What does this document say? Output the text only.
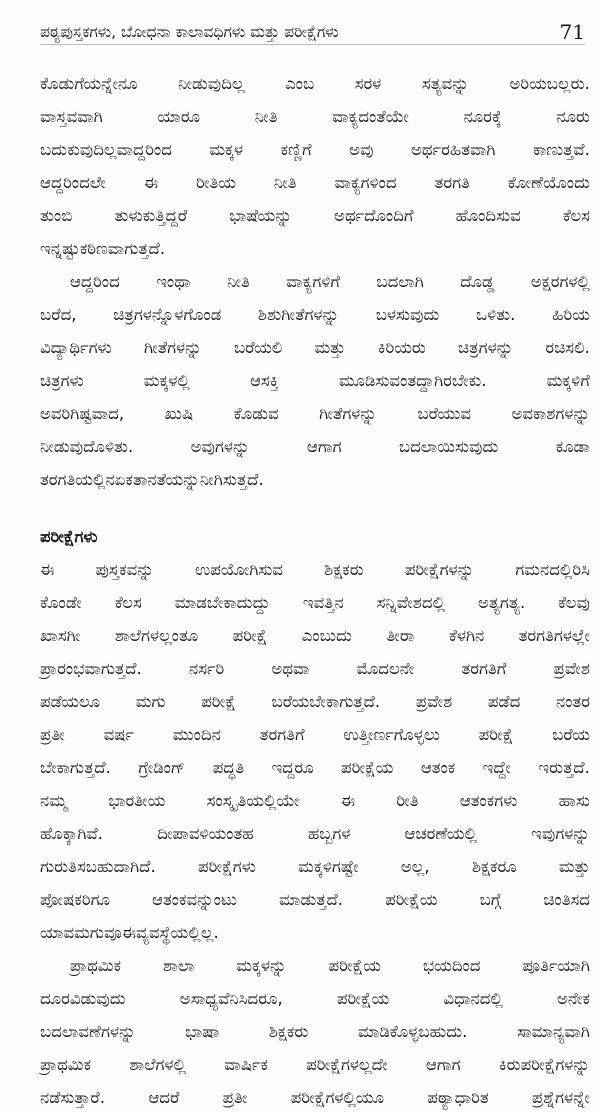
ಪಠ್ಯಪುಸ್ತಕಗಳು, ಬೋಧನಾ ಕಾಲಾವಧಿಗಳು ಮತ್ತು ಪರೀಕ್ಷೆಗಳು	71
ಕೊಡುಗೆಯನ್ನೇನೂ ನೀಡುವುದಿಲ್ಲ ಎಂಬ ಸರಳ ಸತ್ಯವನ್ನು ಅರಿಯಬಲ್ಲರು.
ವಾಸ್ತವವಾಗಿ	ಯಾರೂ	ನೀತಿ	ವಾಕ್ಯದಂತೆಯೇ	ನೂರಕ್ಕೆ	ನೂರು
ಬದುಕುವುದಿಲ್ಲವಾದ್ದರಿಂದ ಮಕ್ಕಳ ಕಣ್ಣಿಗೆ ಅವು ಅರ್ಥರಹಿತವಾಗಿ ಕಾಣುತ್ತವೆ.
ಆದ್ದರಿಂದಲೇ ಈ ರೀತಿಯ ನೀತಿ ವಾಕ್ಯಗಳಿಂದ ತರಗತಿ ಕೋಣೆಯೊಂದು
ತುಂಬಿ	ತುಳುಕುತ್ತಿದ್ದರೆ	ಭಾಷೆಯನ್ನು	ಅರ್ಥದೊಂದಿಗೆ	ಹೊಂದಿಸುವ	ಕೆಲಸ
ಇನ್ನಷ್ಟು ಕಠಿಣವಾಗುತ್ತದೆ.
ಆದ್ದರಿಂದ ಇಂಥಾ ನೀತಿ ವಾಕ್ಯಗಳಿಗೆ ಬದಲಾಗಿ ದೊಡ್ಡ ಅಕ್ಷರಗಳಲ್ಲಿ
ಬರೆದ, ಚಿತ್ರಗಳನ್ನೊಳಗೊಂಡ ಶಿಶುಗೀತೆಗಳನ್ನು ಬಳಸುವುದು ಒಳಿತು. ಹಿರಿಯ
ವಿದ್ಯಾರ್ಥಿಗಳು ಗೀತೆಗಳನ್ನು ಬರೆಯಲಿ ಮತ್ತು ಕಿರಿಯರು ಚಿತ್ರಗಳನ್ನು ರಚಿಸಲಿ.
ಚಿತ್ರಗಳು	ಮಕ್ಕಳಲ್ಲಿ	ಆಸಕ್ತಿ	ಮೂಡಿಸುವಂತದ್ದಾಗಿರಬೇಕು.	ಮಕ್ಕಳಿಗೆ
ಅವರಿಗಿಷ್ಟವಾದ, ಖುಷಿ ಕೊಡುವ ಗೀತೆಗಳನ್ನು ಬರೆಯುವ ಅವಕಾಶಗಳನ್ನು
ನೀಡುವುದೊಳಿತು.	ಅವುಗಳನ್ನು	ಆಗಾಗ	ಬದಲಾಯಿಸುವುದು	ಕೂಡಾ
ತರಗತಿಯಲ್ಲಿನ ಏಕತಾನತೆಯನ್ನು ನೀಗಿಸುತ್ತದೆ.
ಪರೀಕ್ಷೆಗಳು
ಈ	ಪುಸ್ತಕವನ್ನು	ಉಪಯೋಗಿಸುವ	ಶಿಕ್ಷಕರು	ಪರೀಕ್ಷೆಗಳನ್ನು	ಗಮನದಲ್ಲಿರಿಸಿ
ಕೊಂಡೇ ಕೆಲಸ ಮಾಡಬೇಕಾದುದ್ದು ಇವತ್ತಿನ ಸನ್ನಿವೇಶದಲ್ಲಿ ಅತ್ಯಗತ್ಯ. ಕೆಲವು
ಖಾಸಗೀ ಶಾಲೆಗಳಲ್ಲಂತೂ ಪರೀಕ್ಷೆ ಎಂಬುದು ತೀರಾ ಕೆಳಗಿನ ತರಗತಿಗಳಲ್ಲೇ
ಪ್ರಾರಂಭವಾಗುತ್ತದೆ.	ನರ್ಸರಿ	ಅಥವಾ	ಮೊದಲನೇ	ತರಗತಿಗೆ	ಪ್ರವೇಶ
ಪಡೆಯಲೂ ಮಗು ಪರೀಕ್ಷೆ ಬರೆಯಬೇಕಾಗುತ್ತದೆ. ಪ್ರವೇಶ ಪಡೆದ ನಂತರ
ಪ್ರತೀ ವರ್ಷ ಮುಂದಿನ ತರಗತಿಗೆ ಉತ್ತೀರ್ಣಗೊಳ್ಳಲು ಪರೀಕ್ಷೆ ಬರೆಯ
ಬೇಕಾಗುತ್ತದೆ. ಗ್ರೇಡಿಂಗ್ ಪದ್ಧತಿ ಇದ್ದರೂ ಪರೀಕ್ಷೆಯ ಆತಂಕ ಇದ್ದೇ ಇರುತ್ತದೆ.
ನಮ್ಮ	ಭಾರತೀಯ	ಸಂಸ್ಕೃತಿಯಲ್ಲಿಯೇ	ಈ	ರೀತಿ	ಆತಂಕಗಳು	ಹಾಸು
ಹೊಕ್ಕಾಗಿವೆ.	ದೀಪಾವಳಿಯಂತಹ	ಹಬ್ಬಗಳ	ಆಚರಣೆಯಲ್ಲಿ	ಇವುಗಳನ್ನು
ಗುರುತಿಸಬಹುದಾಗಿದೆ.	ಪರೀಕ್ಷೆಗಳು	ಮಕ್ಕಳಿಗಷ್ಟೇ	ಅಲ್ಲ,	ಶಿಕ್ಷಕರೂ	ಮತ್ತು
ಪೋಷಕರಿಗೂ	ಆತಂಕವನ್ನುಂಟು	ಮಾಡುತ್ತದೆ.	ಪರೀಕ್ಷೆಯ	ಬಗ್ಗೆ	ಚಿಂತಿಸದ
ಯಾವ ಮಗುವೂ ಈ ವ್ಯವಸ್ಥೆಯಲ್ಲಿಲ್ಲ.
ಪ್ರಾಥಮಿಕ	ಶಾಲಾ	ಮಕ್ಕಳನ್ನು	ಪರೀಕ್ಷೆಯ	ಭಯದಿಂದ	ಪೂರ್ತಿಯಾಗಿ
ದೂರವಿಡುವುದು	ಅಸಾಧ್ಯವೆನಿಸಿದರೂ,	ಪರೀಕ್ಷೆಯ	ವಿಧಾನದಲ್ಲಿ	ಅನೇಕ
ಬದಲಾವಣೆಗಳನ್ನು	ಭಾಷಾ	ಶಿಕ್ಷಕರು	ಮಾಡಿಕೊಳ್ಳಬಹುದು.	ಸಾಮಾನ್ಯವಾಗಿ
ಪ್ರಾಥಮಿಕ ಶಾಲೆಗಳಲ್ಲಿ ವಾರ್ಷಿಕ ಪರೀಕ್ಷೆಗಳಲ್ಲದೇ ಆಗಾಗ ಕಿರುಪರೀಕ್ಷೆಗಳನ್ನು
ನಡೆಸುತ್ತಾರೆ.	ಆದರೆ	ಪ್ರತೀ	ಪರೀಕ್ಷೆಗಳಲ್ಲಿಯೂ	ಪಠ್ಯಾಧಾರಿತ	ಪ್ರಶ್ನೆಗಳನ್ನೇ
